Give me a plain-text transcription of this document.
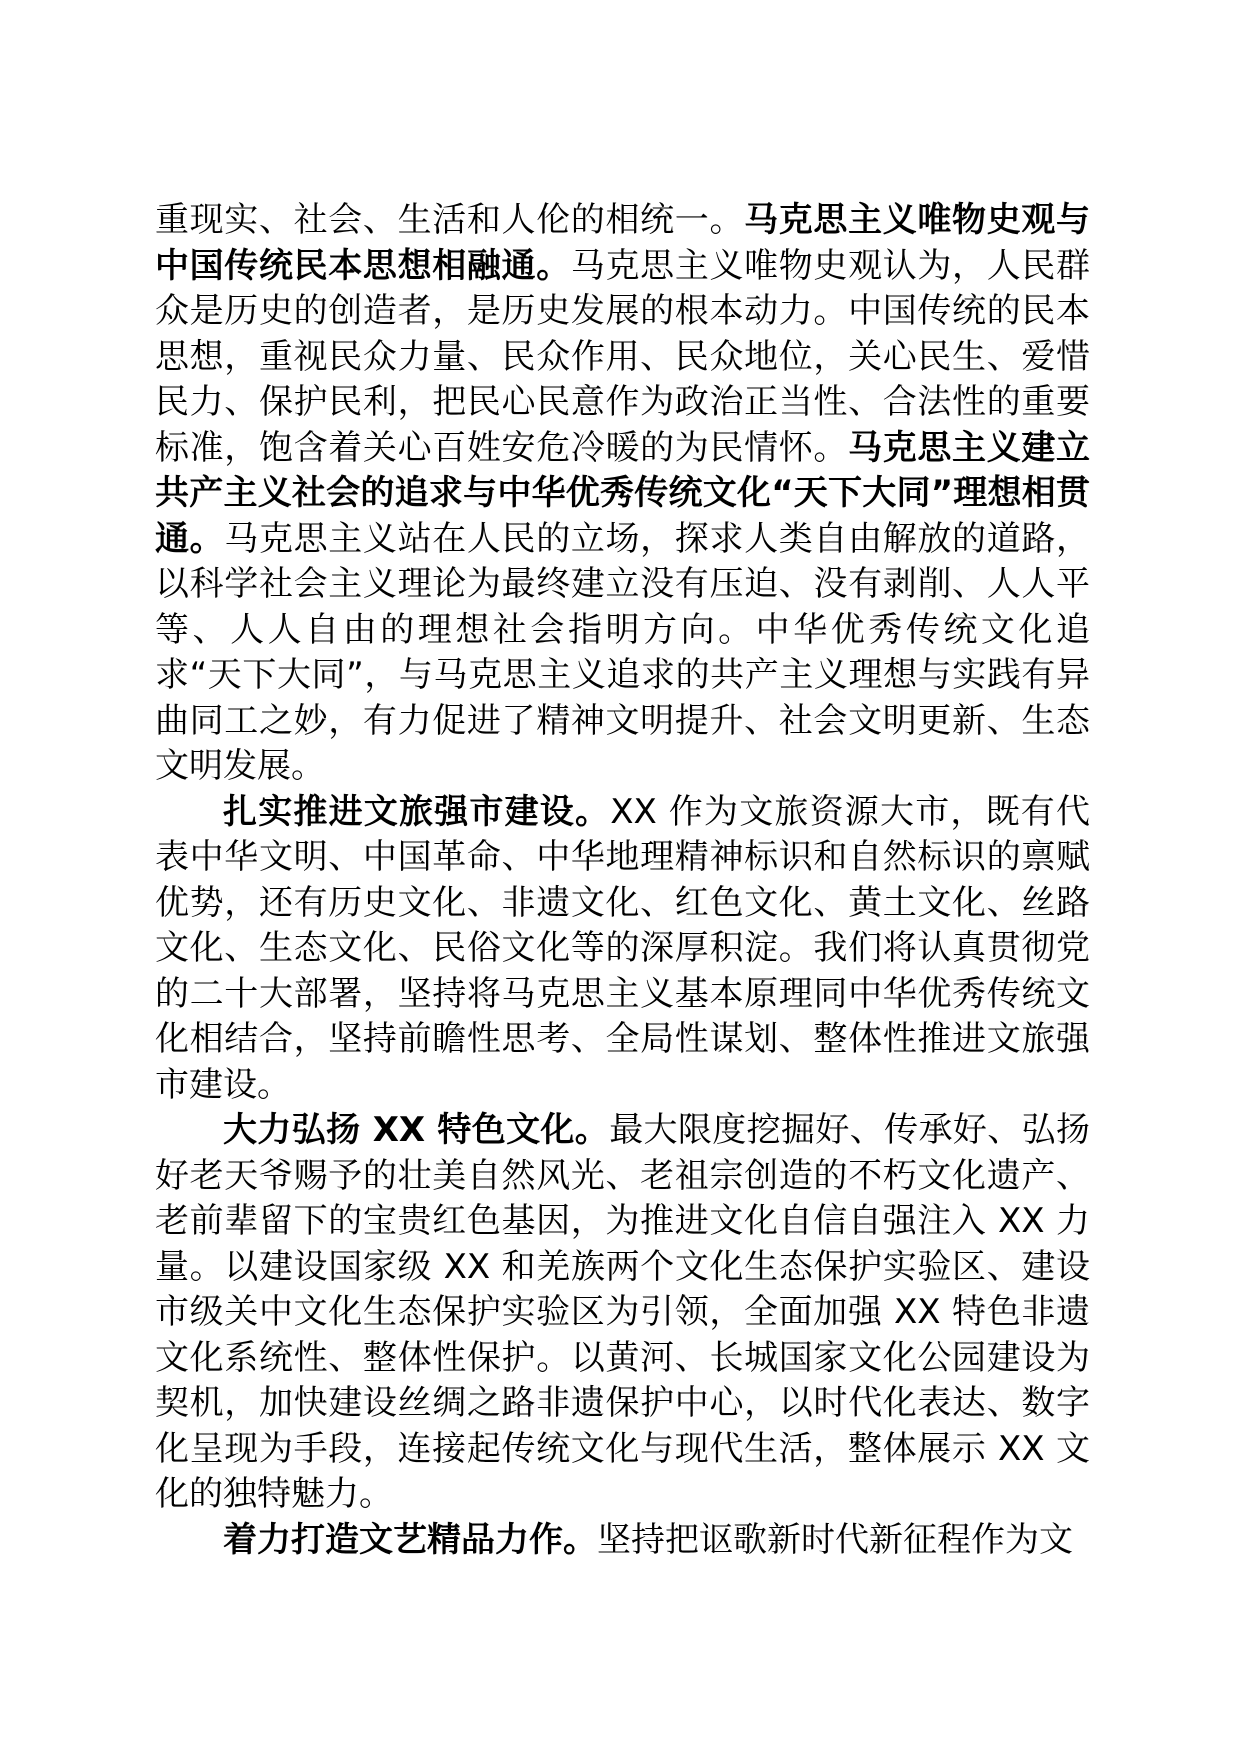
重现实、社会、生活和人伦的相统一。马克思主义唯物史观与中国传统民本思想相融通。马克思主义唯物史观认为，人民群众是历史的创造者，是历史发展的根本动力。中国传统的民本思想，重视民众力量、民众作用、民众地位，关心民生、爱惜民力、保护民利，把民心民意作为政治正当性、合法性的重要标准，饱含着关心百姓安危冷暖的为民情怀。马克思主义建立共产主义社会的追求与中华优秀传统文化“天下大同”理想相贯通。马克思主义站在人民的立场，探求人类自由解放的道路，以科学社会主义理论为最终建立没有压迫、没有剥削、人人平等、人人自由的理想社会指明方向。中华优秀传统文化追求“天下大同”，与马克思主义追求的共产主义理想与实践有异曲同工之妙，有力促进了精神文明提升、社会文明更新、生态文明发展。

扎实推进文旅强市建设。XX 作为文旅资源大市，既有代表中华文明、中国革命、中华地理精神标识和自然标识的禀赋优势，还有历史文化、非遗文化、红色文化、黄土文化、丝路文化、生态文化、民俗文化等的深厚积淀。我们将认真贯彻党的二十大部署，坚持将马克思主义基本原理同中华优秀传统文化相结合，坚持前瞻性思考、全局性谋划、整体性推进文旅强市建设。

大力弘扬 XX 特色文化。最大限度挖掘好、传承好、弘扬好老天爷赐予的壮美自然风光、老祖宗创造的不朽文化遗产、老前辈留下的宝贵红色基因，为推进文化自信自强注入 XX 力量。以建设国家级 XX 和羌族两个文化生态保护实验区、建设市级关中文化生态保护实验区为引领，全面加强 XX 特色非遗文化系统性、整体性保护。以黄河、长城国家文化公园建设为契机，加快建设丝绸之路非遗保护中心，以时代化表达、数字化呈现为手段，连接起传统文化与现代生活，整体展示 XX 文化的独特魅力。

着力打造文艺精品力作。坚持把讴歌新时代新征程作为文
